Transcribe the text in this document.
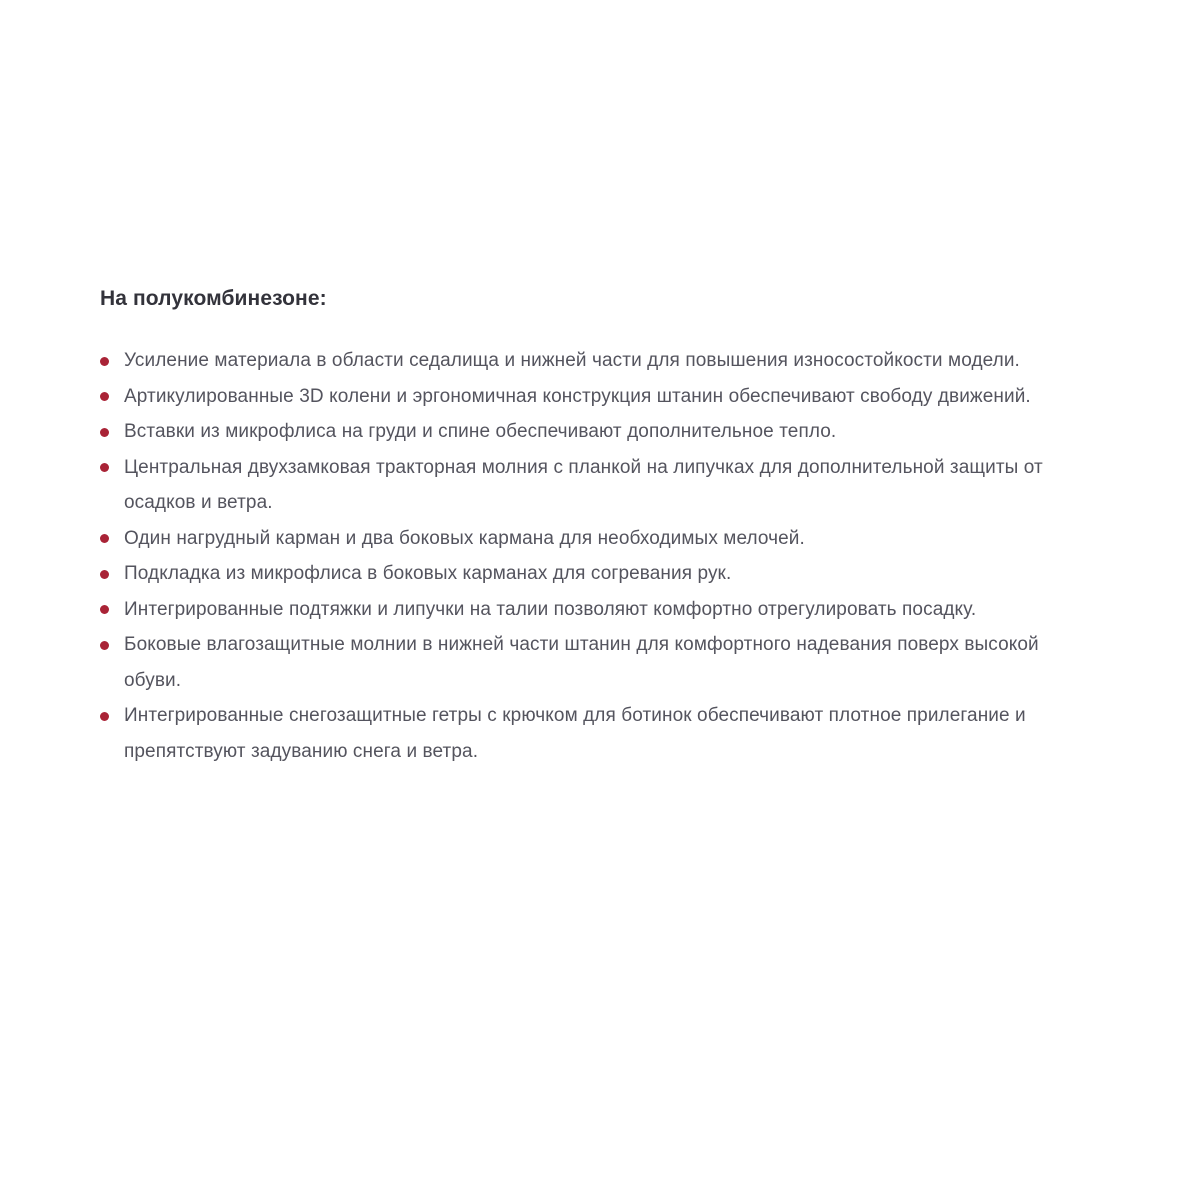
На полукомбинезоне:
Усиление материала в области седалища и нижней части для повышения износостойкости модели.
Артикулированные 3D колени и эргономичная конструкция штанин обеспечивают свободу движений.
Вставки из микрофлиса на груди и спине обеспечивают дополнительное тепло.
Центральная двухзамковая тракторная молния с планкой на липучках для дополнительной защиты от осадков и ветра.
Один нагрудный карман и два боковых кармана для необходимых мелочей.
Подкладка из микрофлиса в боковых карманах для согревания рук.
Интегрированные подтяжки и липучки на талии позволяют комфортно отрегулировать посадку.
Боковые влагозащитные молнии в нижней части штанин для комфортного надевания поверх высокой обуви.
Интегрированные снегозащитные гетры с крючком для ботинок обеспечивают плотное прилегание и препятствуют задуванию снега и ветра.
